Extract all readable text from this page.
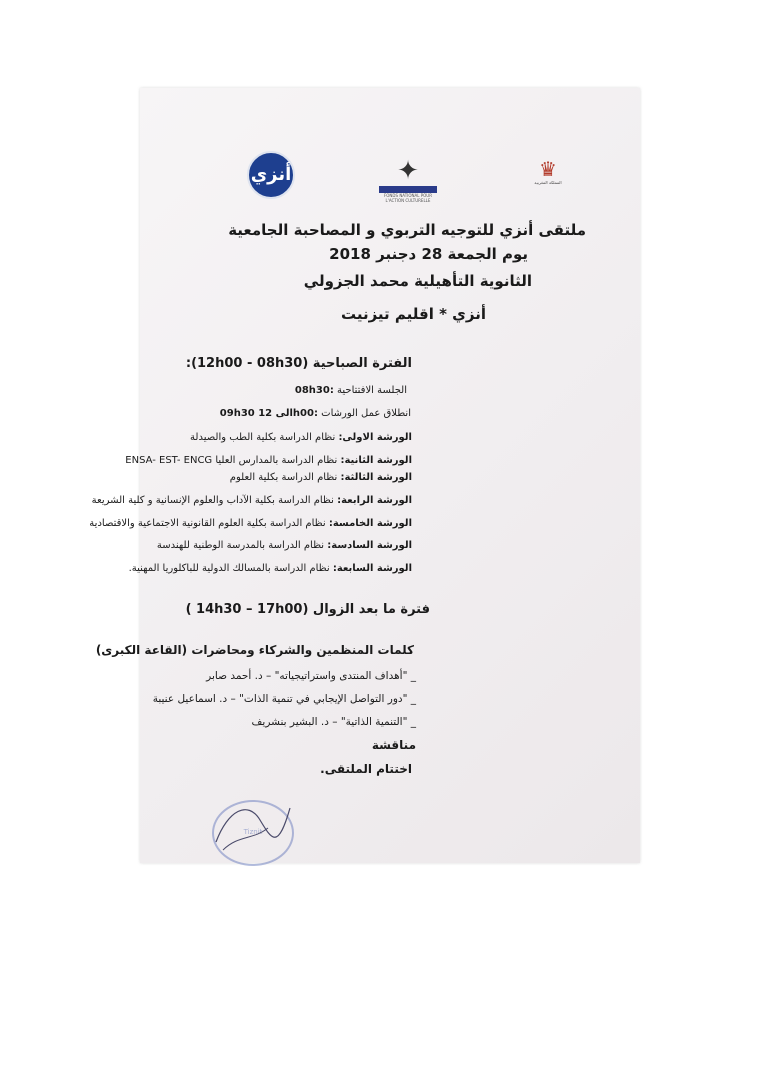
أنزي	✦
FONDS NATIONAL POUR L'ACTION CULTURELLE
♛
المملكة المغربية
ملتقى أنزي للتوجيه التربوي و المصاحبة الجامعية
يوم الجمعة 28 دجنبر 2018
الثانوية التأهيلية محمد الجزولي
أنزي * اقليم تيزنيت
الفترة الصباحية (12h00 - 08h30):
08h30: الجلسة الافتتاحية
09h30 الى 12h00: انطلاق عمل الورشات
الورشة الاولى: نظام الدراسة بكلية الطب والصيدلة
الورشة الثانية: نظام الدراسة بالمدارس العليا ENSA- EST- ENCG
الورشة الثالثة: نظام الدراسة بكلية العلوم
الورشة الرابعة: نظام الدراسة بكلية الآداب والعلوم الإنسانية و كلية الشريعة
الورشة الخامسة: نظام الدراسة بكلية العلوم القانونية الاجتماعية والاقتصادية
الورشة السادسة: نظام الدراسة بالمدرسة الوطنية للهندسة
الورشة السابعة: نظام الدراسة بالمسالك الدولية للباكلوريا المهنية.
فترة ما بعد الزوال (14h30 – 17h00 )
كلمات المنظمين والشركاء ومحاضرات (القاعة الكبرى)
_ "أهداف المنتدى واستراتيجياته" – د. أحمد صابر
_ "دور التواصل الإيجابي في تنمية الذات" – د. اسماعيل عنيبة
_ "التنمية الذاتية" – د. البشير بنشريف
مناقشة
اختتام الملتقى.
Tiznit
